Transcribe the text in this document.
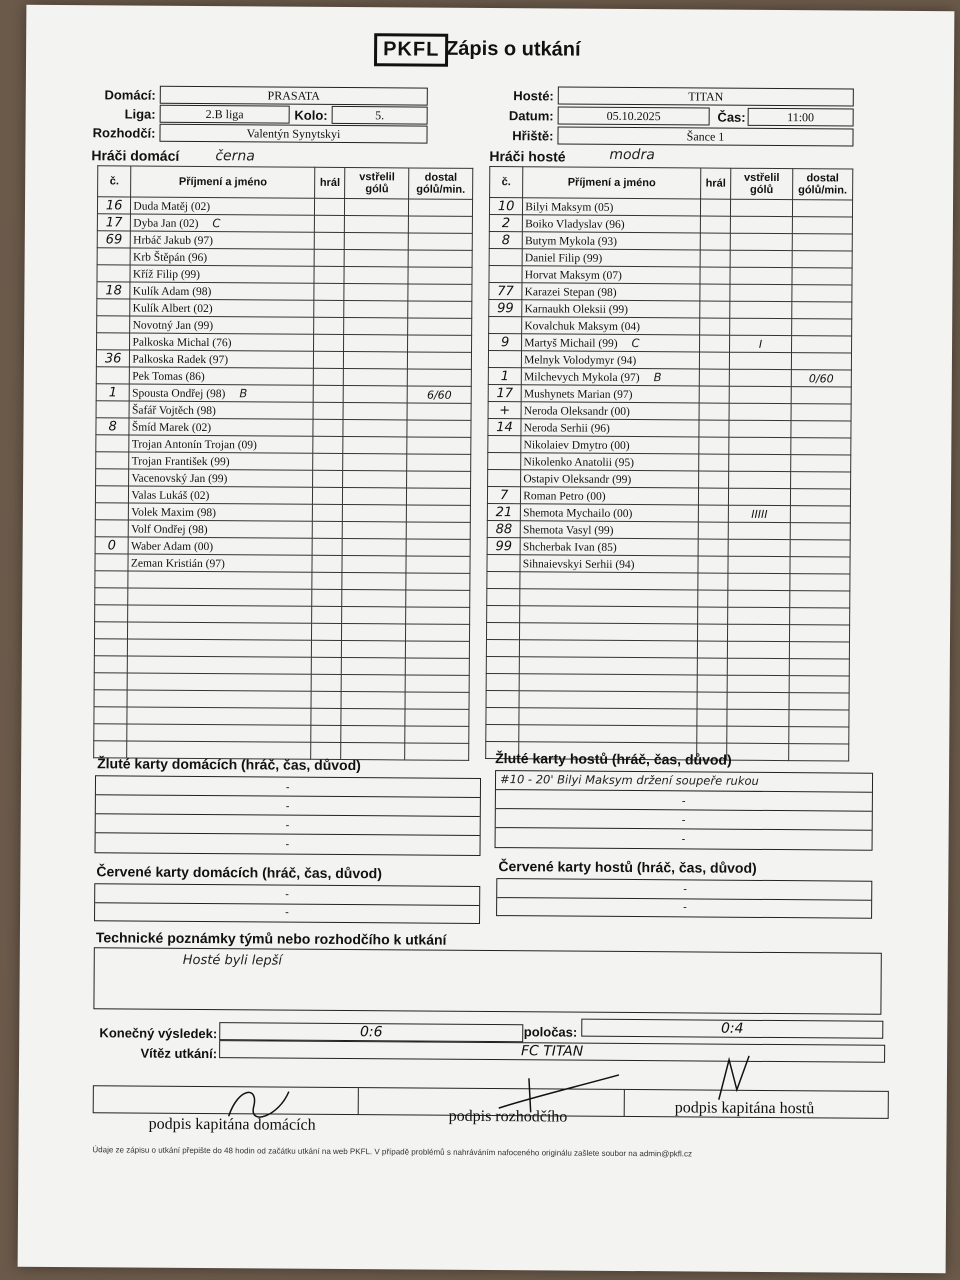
PKFL Zápis o utkání
Domácí:	PRASATA
Liga:	2.B liga	Kolo:	5.
Rozhodčí:	Valentýn Synytskyi
Hosté:	TITAN
Datum:	05.10.2025	Čas:	11:00
Hřiště:	Šance 1
Hráči domácí	černa	Hráči hosté	modra
č.	Příjmení a jméno	hrál	vstřelil gólů	dostal gólů/min.
16	Duda Matěj (02)			
17	Dyba Jan (02) C			
69	Hrbáč Jakub (97)			
	Krb Štěpán (96)			
	Kříž Filip (99)			
18	Kulík Adam (98)			
	Kulík Albert (02)			
	Novotný Jan (99)			
	Palkoska Michal (76)			
36	Palkoska Radek (97)			
	Pek Tomas (86)			
1	Spousta Ondřej (98) B			6/60
	Šafář Vojtěch (98)			
8	Šmíd Marek (02)			
	Trojan Antonín Trojan (09)			
	Trojan František (99)			
	Vacenovský Jan (99)			
	Valas Lukáš (02)			
	Volek Maxim (98)			
	Volf Ondřej (98)			
0	Waber Adam (00)			
	Zeman Kristián (97)			

č.	Příjmení a jméno	hrál	vstřelil gólů	dostal gólů/min.
10	Bilyi Maksym (05)			
2	Boiko Vladyslav (96)			
8	Butym Mykola (93)			
	Daniel Filip (99)			
	Horvat Maksym (07)			
77	Karazei Stepan (98)			
99	Karnaukh Oleksii (99)			
	Kovalchuk Maksym (04)			
9	Martyš Michail (99) C		I	
	Melnyk Volodymyr (94)			
1	Milchevych Mykola (97) B			0/60
17	Mushynets Marian (97)			
+	Neroda Oleksandr (00)			
14	Neroda Serhii (96)			
	Nikolaiev Dmytro (00)			
	Nikolenko Anatolii (95)			
	Ostapiv Oleksandr (99)			
7	Roman Petro (00)			
21	Shemota Mychailo (00)		IIIII	
88	Shemota Vasyl (99)			
99	Shcherbak Ivan (85)			
	Sihnaievskyi Serhii (94)			

Žluté karty domácích (hráč, čas, důvod)
-
-
-
-
Žluté karty hostů (hráč, čas, důvod)
#10 - 20' Bilyi Maksym držení soupeře rukou
-
-
-
Červené karty domácích (hráč, čas, důvod)
-
-
Červené karty hostů (hráč, čas, důvod)
-
-
Technické poznámky týmů nebo rozhodčího k utkání
Hosté byli lepší
Konečný výsledek:	0:6	poločas:	0:4
Vítěz utkání:	FC TITAN
podpis kapitána domácích	podpis rozhodčího	podpis kapitána hostů
Údaje ze zápisu o utkání přepište do 48 hodin od začátku utkání na web PKFL. V případě problémů s nahráváním nafoceného originálu zašlete soubor na admin@pkfl.cz
